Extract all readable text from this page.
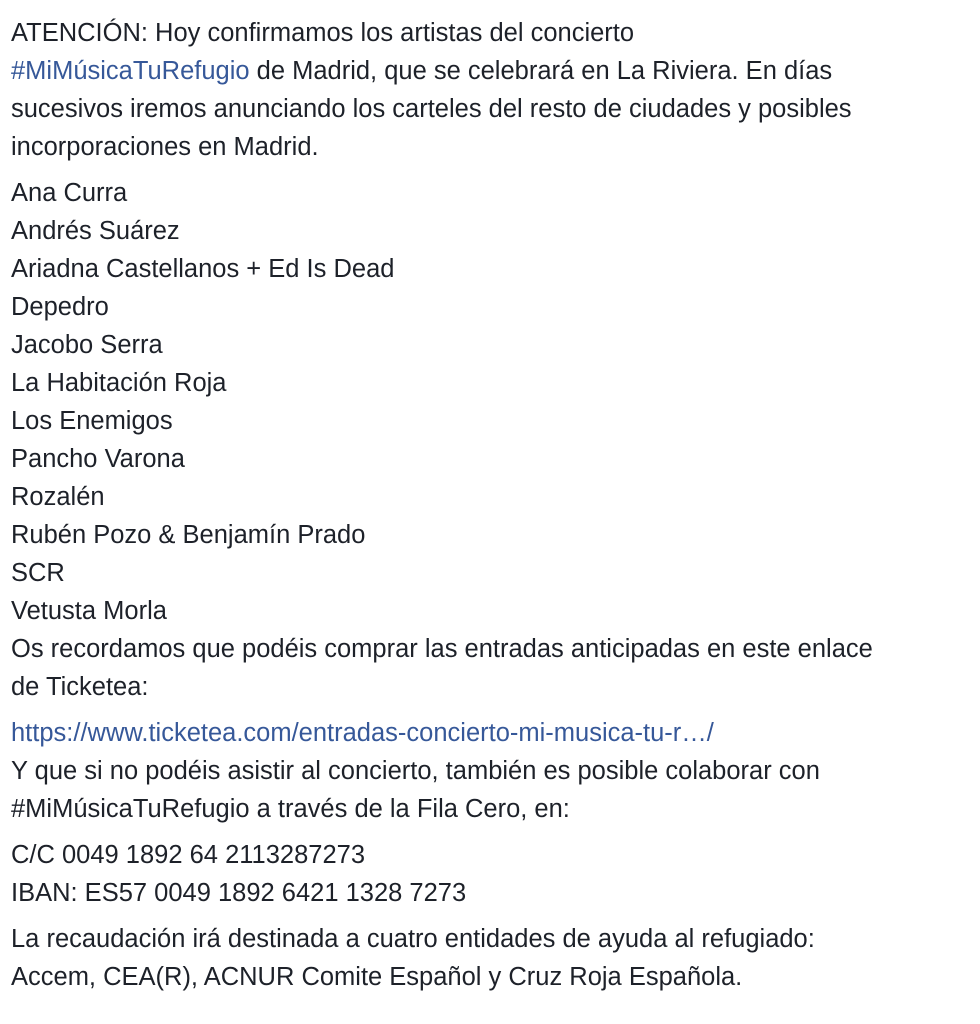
ATENCIÓN: Hoy confirmamos los artistas del concierto
#MiMúsicaTuRefugio de Madrid, que se celebrará en La Riviera. En días
sucesivos iremos anunciando los carteles del resto de ciudades y posibles
incorporaciones en Madrid.

Ana Curra
Andrés Suárez
Ariadna Castellanos + Ed Is Dead
Depedro
Jacobo Serra
La Habitación Roja
Los Enemigos
Pancho Varona
Rozalén
Rubén Pozo & Benjamín Prado
SCR
Vetusta Morla
Os recordamos que podéis comprar las entradas anticipadas en este enlace
de Ticketea:

https://www.ticketea.com/entradas-concierto-mi-musica-tu-r…/
Y que si no podéis asistir al concierto, también es posible colaborar con
#MiMúsicaTuRefugio a través de la Fila Cero, en:

C/C 0049 1892 64 2113287273
IBAN: ES57 0049 1892 6421 1328 7273

La recaudación irá destinada a cuatro entidades de ayuda al refugiado:
Accem, CEA(R), ACNUR Comite Español y Cruz Roja Española.
